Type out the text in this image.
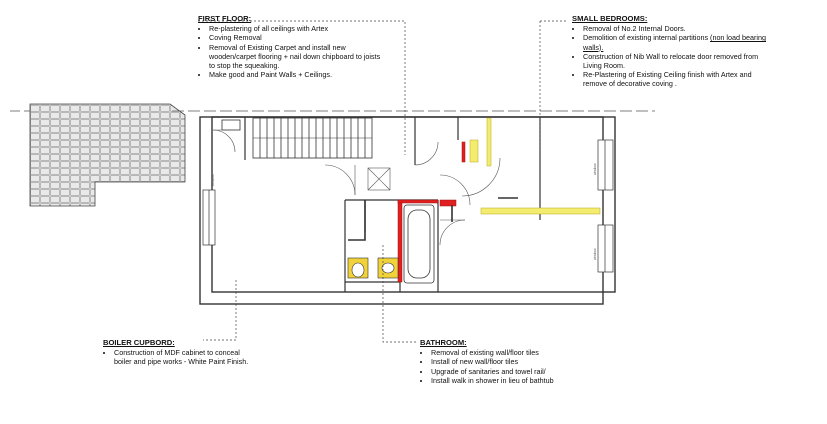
window
window
window
FIRST FLOOR:
• Re-plastering of all ceilings with Artex
• Coving Removal
• Removal of Existing Carpet and install new wooden/carpet flooring + nail down chipboard to joists to stop the squeaking.
• Make good and Paint Walls + Ceilings.
SMALL BEDROOMS:
• Removal of No.2 Internal Doors.
• Demolition of existing internal partitions (non load bearing walls).
• Construction of Nib Wall to relocate door removed from Living Room.
• Re-Plastering of Existing Ceiling finish with Artex and remove of decorative coving .
BOILER CUPBORD:
• Construction of MDF cabinet to conceal boiler and pipe works - White Paint Finish.
BATHROOM:
• Removal of existing wall/floor tiles
• Install of new wall/floor tiles
• Upgrade of sanitaries and towel rail/
• Install walk in shower in lieu of bathtub
